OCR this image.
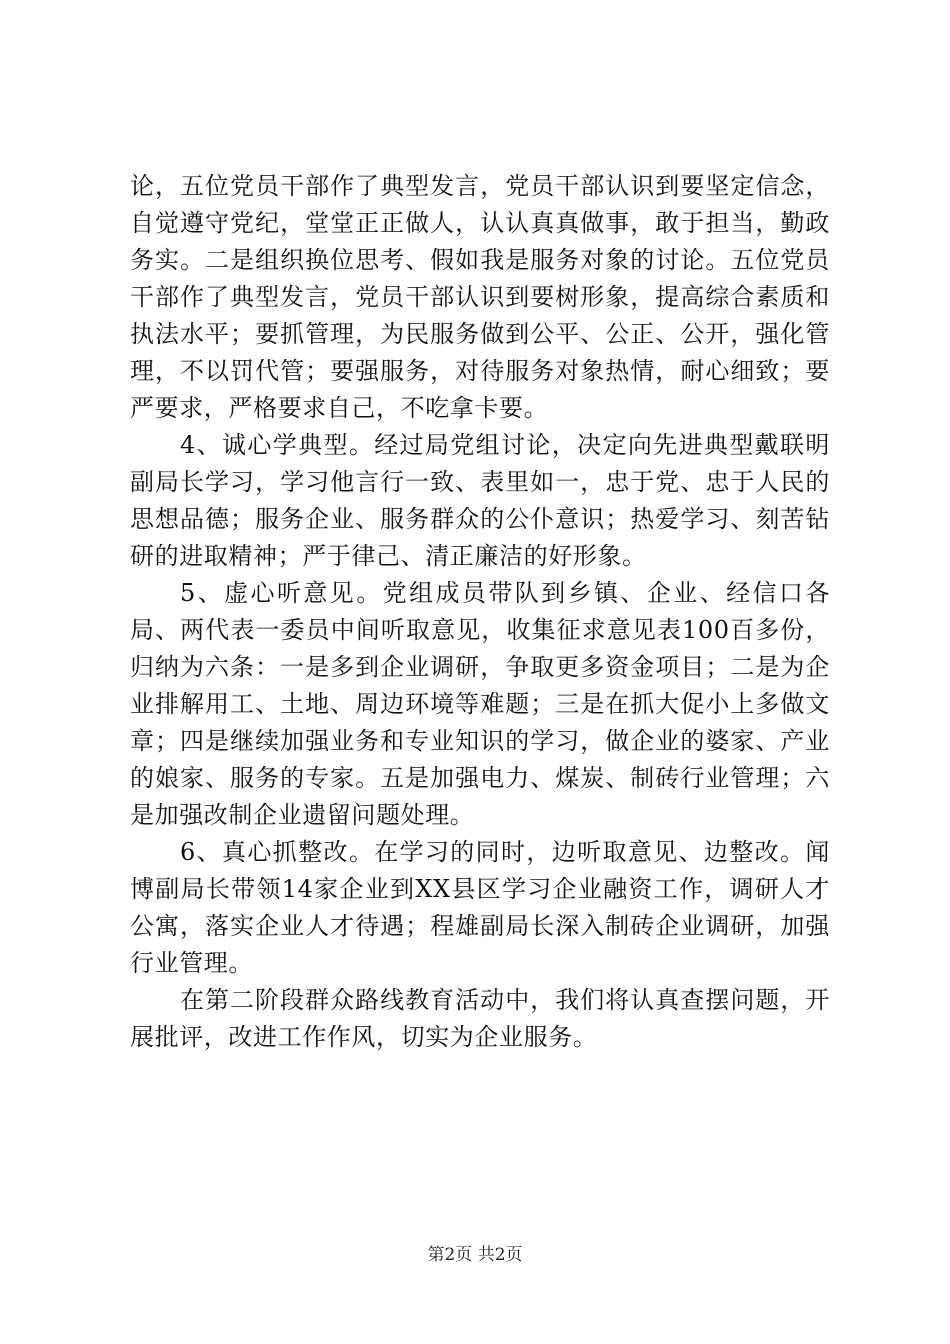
论，五位党员干部作了典型发言，党员干部认识到要坚定信念，自觉遵守党纪，堂堂正正做人，认认真真做事，敢于担当，勤政务实。二是组织换位思考、假如我是服务对象的讨论。五位党员干部作了典型发言，党员干部认识到要树形象，提高综合素质和执法水平；要抓管理，为民服务做到公平、公正、公开，强化管理，不以罚代管；要强服务，对待服务对象热情，耐心细致；要严要求，严格要求自己，不吃拿卡要。

4、诚心学典型。经过局党组讨论，决定向先进典型戴联明副局长学习，学习他言行一致、表里如一，忠于党、忠于人民的思想品德；服务企业、服务群众的公仆意识；热爱学习、刻苦钻研的进取精神；严于律己、清正廉洁的好形象。

5、虚心听意见。党组成员带队到乡镇、企业、经信口各局、两代表一委员中间听取意见，收集征求意见表100百多份，归纳为六条：一是多到企业调研，争取更多资金项目；二是为企业排解用工、土地、周边环境等难题；三是在抓大促小上多做文章；四是继续加强业务和专业知识的学习，做企业的婆家、产业的娘家、服务的专家。五是加强电力、煤炭、制砖行业管理；六是加强改制企业遗留问题处理。

6、真心抓整改。在学习的同时，边听取意见、边整改。闻博副局长带领14家企业到XX县区学习企业融资工作，调研人才公寓，落实企业人才待遇；程雄副局长深入制砖企业调研，加强行业管理。

在第二阶段群众路线教育活动中，我们将认真查摆问题，开展批评，改进工作作风，切实为企业服务。

第2页 共2页
